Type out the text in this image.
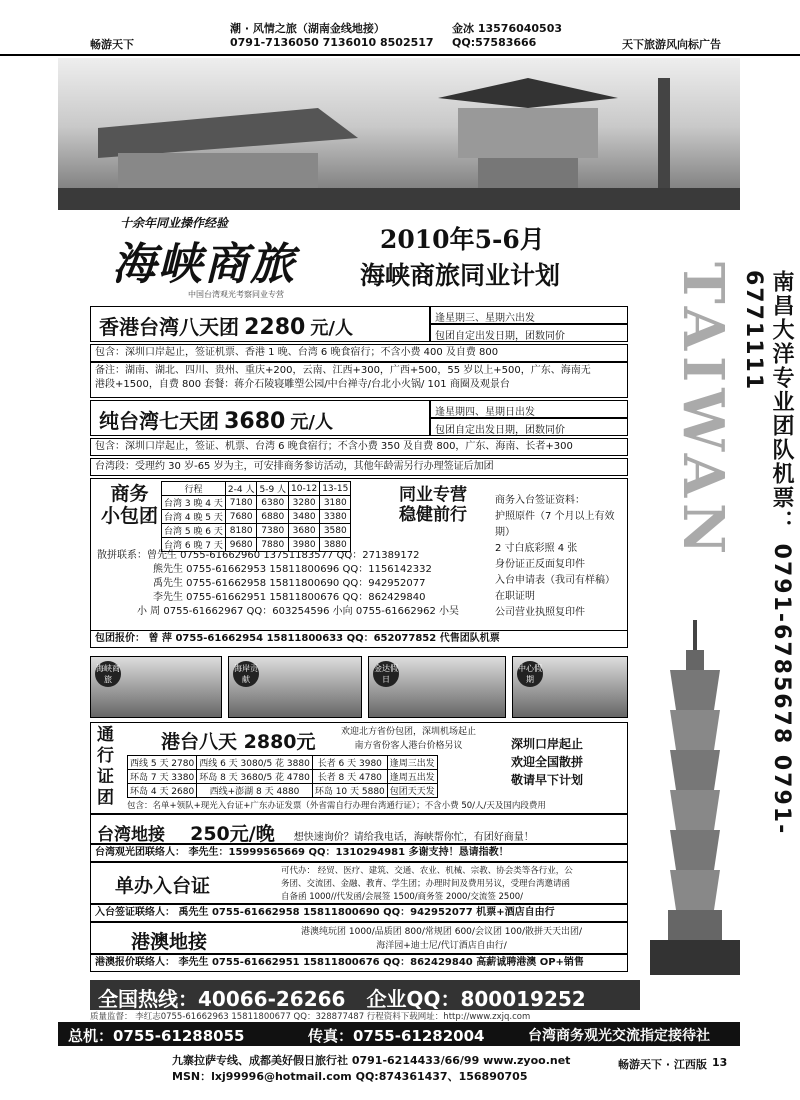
畅游天下
潮 · 风情之旅（湖南金线地接）
0791-7136050 7136010 8502517
金冰 13576040503
QQ:57583666	天下旅游风向标广告
十余年同业操作经验
海峡商旅
中国台湾观光考察同业专营
2010年5-6月
海峡商旅同业计划	TAIWAN
香港台湾八天团 2280 元/人	逢星期三、星期六出发
包团自定出发日期，团数同价
包含：深圳口岸起止，签证机票、香港 1 晚、台湾 6 晚食宿行；不含小费 400 及自费 800
备注：湖南、湖北、四川、贵州、重庆+200，云南、江西+300，广西+500，55 岁以上+500，广东、海南无
港段+1500，自费 800 套餐：蒋介石陵寝雕塑公园/中台禅寺/台北小火锅/ 101 商圈及观景台
纯台湾七天团 3680 元/人	逢星期四、星期日出发
包团自定出发日期，团数同价
包含：深圳口岸起止，签证、机票、台湾 6 晚食宿行；不含小费 350 及自费 800，广东、海南、长者+300
台湾段：受理约 30 岁-65 岁为主，可安排商务参访活动，其他年龄需另行办理签证后加团
商务
小包团
行程	2-4 人	5-9 人	10-12	13-15
台湾 3 晚 4 天	7180	6380	3280	3180
台湾 4 晚 5 天	7680	6880	3480	3380
台湾 5 晚 6 天	8180	7380	3680	3580
台湾 6 晚 7 天	9680	7880	3980	3880
同业专营
稳健前行
商务入台签证资料：
护照原件（7 个月以上有效期）
2 寸白底彩照 4 张
身份证正反面复印件
入台申请表（我司有样稿）
在职证明
公司营业执照复印件
散拼联系：曾先生 0755-61662960 13751183577 QQ：271389172
熊先生 0755-61662953 15811800696 QQ：1156142332
禹先生 0755-61662958 15811800690 QQ：942952077
李先生 0755-61662951 15811800676 QQ：862429840
小 周 0755-61662967 QQ：603254596 小向 0755-61662962 小吴
包团报价： 曾 萍 0755-61662954 15811800633 QQ：652077852 代售团队机票
海峡商旅
海岸贡献
金达假日
中心假期
通
行
证
团
港台八天 2880元	欢迎北方省份包团，深圳机场起止
南方省份客人港台价格另议
西线 5 天 2780	西线 6 天 3080/5 花 3880	长者 6 天 3980	逢周三出发
环岛 7 天 3380	环岛 8 天 3680/5 花 4780	长者 8 天 4780	逢周五出发
环岛 4 天 2680	西线+澎湖 8 天 4880	环岛 10 天 5880	包团天天发
深圳口岸起止
欢迎全国散拼
敬请早下计划
包含：名单+领队+现光入台证+广东办证发票（外省需自行办理台湾通行证）；不含小费 50/人/天及国内段费用
台湾地接 250元/晚 想快速询价？请给我电话，海峡帮你忙，有团好商量！
台湾观光团联络人： 李先生：15999565669 QQ：1310294981 多谢支持！恳请指教！
单办入台证
可代办： 经贸、医疗、建筑、交通、农业、机械、宗教、协会类等各行业，公
务团、交流团、金融、教育、学生团；办理时间及费用另议，受理台湾邀请函
自备函 1000//代发函/会展签 1500/商务签 2000/交流签 2500/
入台签证联络人： 禹先生 0755-61662958 15811800690 QQ：942952077 机票+酒店自由行
港澳地接	港澳纯玩团 1000/品质团 800/常规团 600/会议团 100/散拼天天出团/
海洋园+迪士尼/代订酒店自由行/
港澳报价联络人： 李先生 0755-61662951 15811800676 QQ：862429840 高薪诚聘港澳 OP+销售
全国热线：40066-26266 企业QQ：800019252
质量监督： 李红志0755-61662963 15811800677 QQ：328877487 行程资料下载网址：http://www.zxjq.com
总机：0755-61288055	传真：0755-61282004	台湾商务观光交流指定接待社
九寨拉萨专线、成都美好假日旅行社 0791-6214433/66/99 www.zyoo.net
MSN：lxj99996@hotmail.com QQ:874361437、156890705
畅游天下 · 江西版 13
南昌大洋专业团队机票： 0791-6785678 0791-6771111
